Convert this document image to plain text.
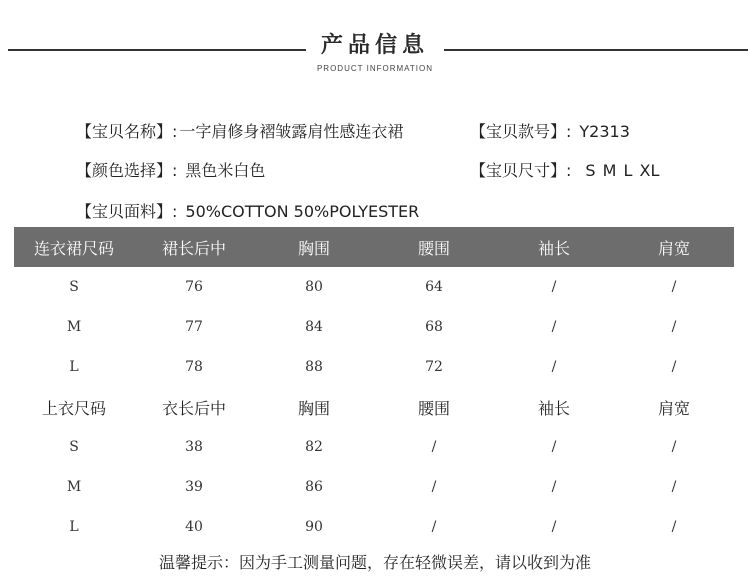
产品信息
PRODUCT INFORMATION
【宝贝名称】: 一字肩修身褶皱露肩性感连衣裙	【宝贝款号】: Y2313
【颜色选择】: 黑色米白色	【宝贝尺寸】: S M L XL
【宝贝面料】: 50%COTTON 50%POLYESTER
连衣裙尺码	裙长后中	胸围	腰围	袖长	肩宽
S	76	80	64	/	/
M	77	84	68	/	/
L	78	88	72	/	/
上衣尺码	衣长后中	胸围	腰围	袖长	肩宽
S	38	82	/	/	/
M	39	86	/	/	/
L	40	90	/	/	/
温馨提示：因为手工测量问题，存在轻微误差，请以收到为准
